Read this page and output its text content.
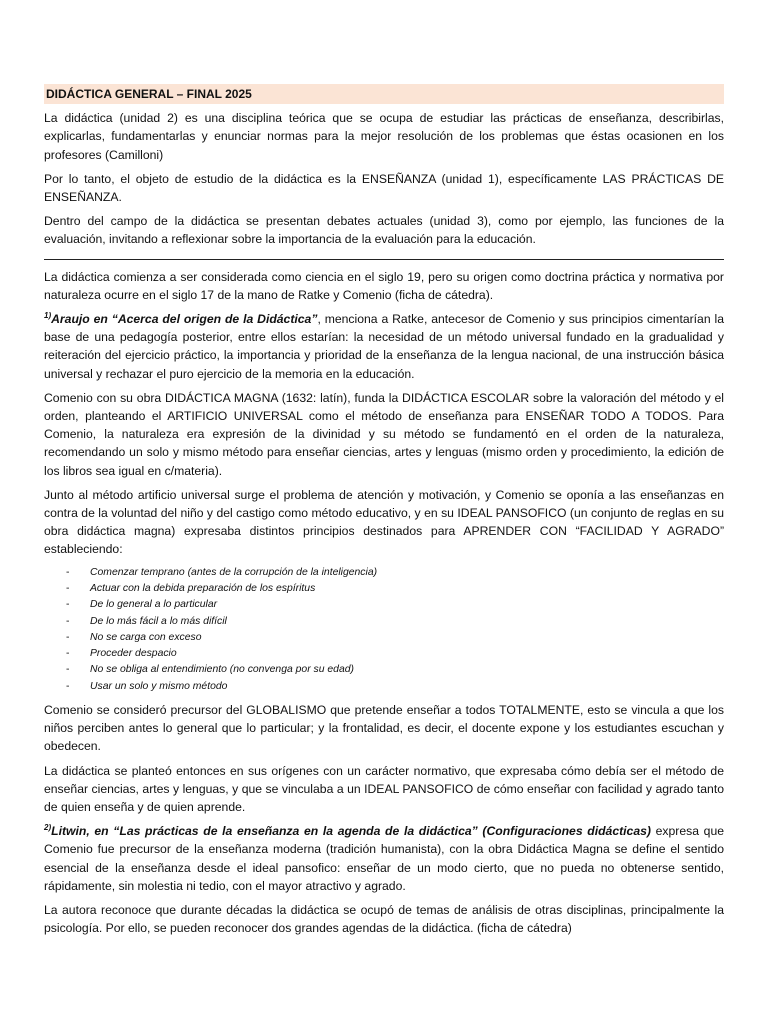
DIDÁCTICA GENERAL – FINAL 2025

La didáctica (unidad 2) es una disciplina teórica que se ocupa de estudiar las prácticas de enseñanza, describirlas, explicarlas, fundamentarlas y enunciar normas para la mejor resolución de los problemas que éstas ocasionen en los profesores (Camilloni)

Por lo tanto, el objeto de estudio de la didáctica es la ENSEÑANZA (unidad 1), específicamente LAS PRÁCTICAS DE ENSEÑANZA.

Dentro del campo de la didáctica se presentan debates actuales (unidad 3), como por ejemplo, las funciones de la evaluación, invitando a reflexionar sobre la importancia de la evaluación para la educación.

La didáctica comienza a ser considerada como ciencia en el siglo 19, pero su origen como doctrina práctica y normativa por naturaleza ocurre en el siglo 17 de la mano de Ratke y Comenio (ficha de cátedra).

$^{1)}$Araujo en “Acerca del origen de la Didáctica”, menciona a Ratke, antecesor de Comenio y sus principios cimentarían la base de una pedagogía posterior, entre ellos estarían: la necesidad de un método universal fundado en la gradualidad y reiteración del ejercicio práctico, la importancia y prioridad de la enseñanza de la lengua nacional, de una instrucción básica universal y rechazar el puro ejercicio de la memoria en la educación.

Comenio con su obra DIDÁCTICA MAGNA (1632: latín), funda la DIDÁCTICA ESCOLAR sobre la valoración del método y el orden, planteando el ARTIFICIO UNIVERSAL como el método de enseñanza para ENSEÑAR TODO A TODOS. Para Comenio, la naturaleza era expresión de la divinidad y su método se fundamentó en el orden de la naturaleza, recomendando un solo y mismo método para enseñar ciencias, artes y lenguas (mismo orden y procedimiento, la edición de los libros sea igual en c/materia).

Junto al método artificio universal surge el problema de atención y motivación, y Comenio se oponía a las enseñanzas en contra de la voluntad del niño y del castigo como método educativo, y en su IDEAL PANSOFICO (un conjunto de reglas en su obra didáctica magna) expresaba distintos principios destinados para APRENDER CON “FACILIDAD Y AGRADO” estableciendo:

- Comenzar temprano (antes de la corrupción de la inteligencia)
- Actuar con la debida preparación de los espíritus
- De lo general a lo particular
- De lo más fácil a lo más difícil
- No se carga con exceso
- Proceder despacio
- No se obliga al entendimiento (no convenga por su edad)
- Usar un solo y mismo método

Comenio se consideró precursor del GLOBALISMO que pretende enseñar a todos TOTALMENTE, esto se vincula a que los niños perciben antes lo general que lo particular; y la frontalidad, es decir, el docente expone y los estudiantes escuchan y obedecen.

La didáctica se planteó entonces en sus orígenes con un carácter normativo, que expresaba cómo debía ser el método de enseñar ciencias, artes y lenguas, y que se vinculaba a un IDEAL PANSOFICO de cómo enseñar con facilidad y agrado tanto de quien enseña y de quien aprende.

$^{2)}$Litwin, en “Las prácticas de la enseñanza en la agenda de la didáctica” (Configuraciones didácticas) expresa que Comenio fue precursor de la enseñanza moderna (tradición humanista), con la obra Didáctica Magna se define el sentido esencial de la enseñanza desde el ideal pansofico: enseñar de un modo cierto, que no pueda no obtenerse sentido, rápidamente, sin molestia ni tedio, con el mayor atractivo y agrado.

La autora reconoce que durante décadas la didáctica se ocupó de temas de análisis de otras disciplinas, principalmente la psicología. Por ello, se pueden reconocer dos grandes agendas de la didáctica. (ficha de cátedra)
